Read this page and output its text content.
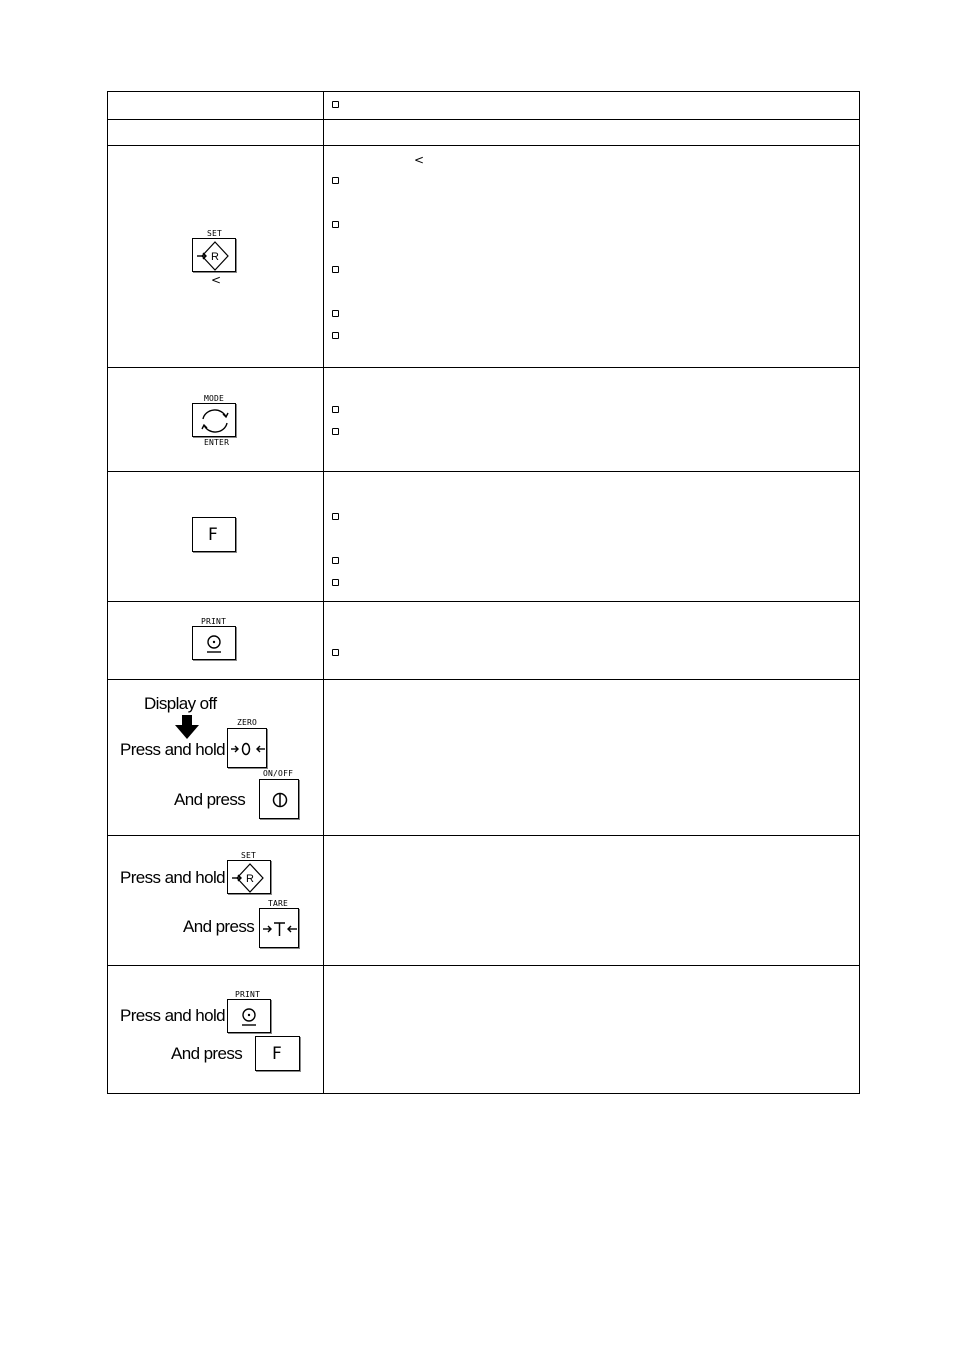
SET
R
<
<
MODE
ENTER
F
PRINT
Display off
Press and hold
ZERO
And press
ON/OFF
Press and hold
SET
R
And press
TARE
Press and hold
PRINT
And press F
